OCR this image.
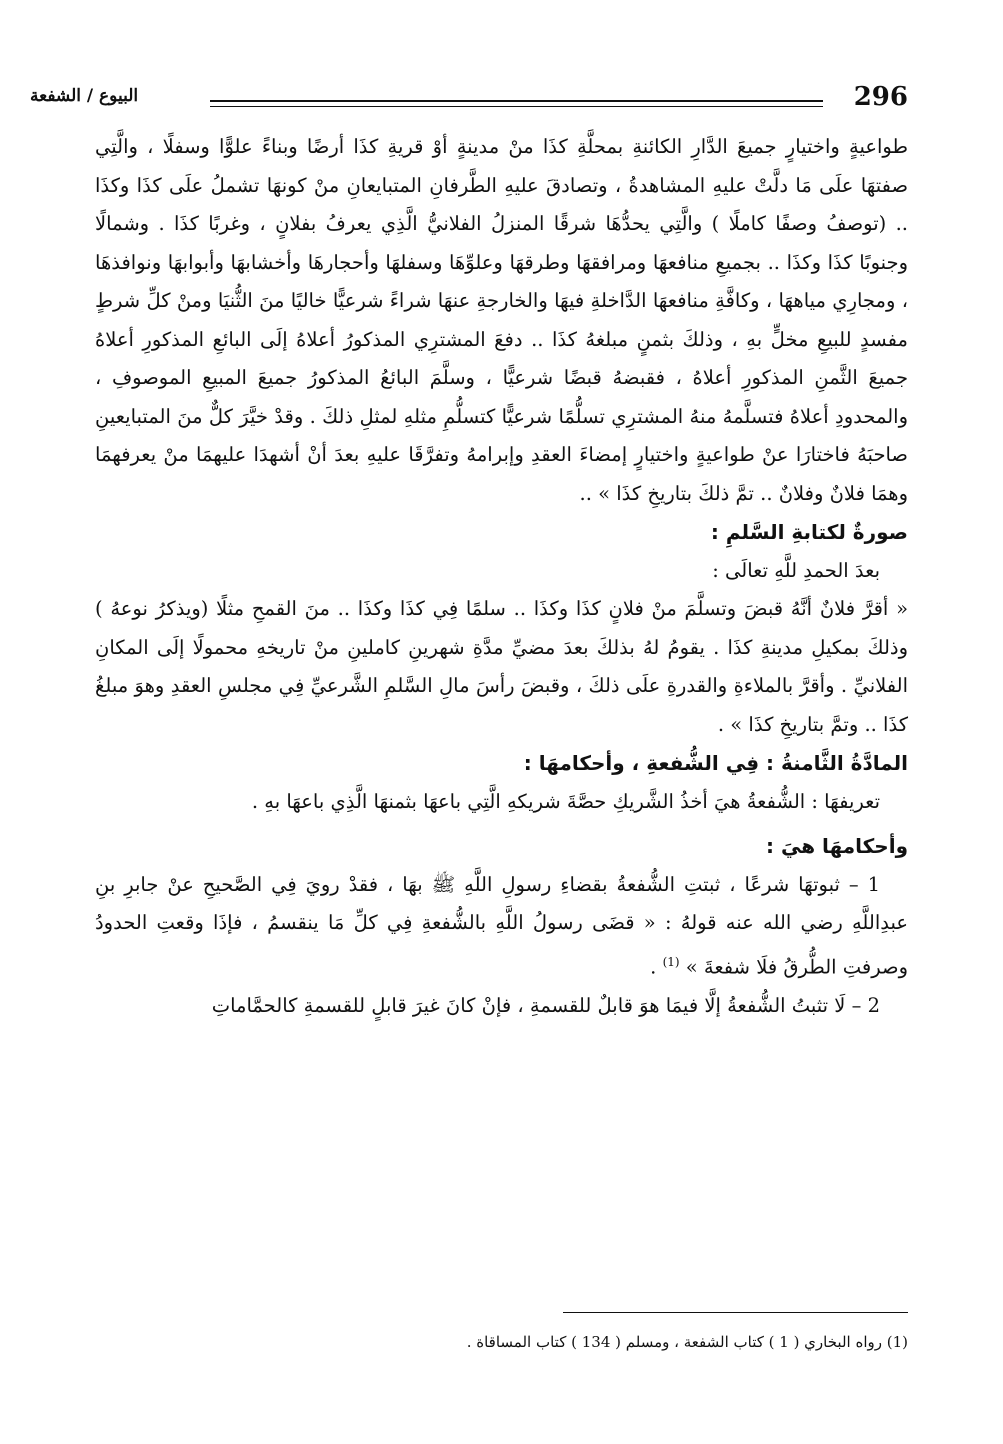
296
البيوع / الشفعة

طواعيةٍ واختيارٍ جميعَ الدَّارِ الكائنةِ بمحلَّةِ كذَا منْ مدينةٍ أوْ قريةِ كذَا أرضًا وبناءً علوًّا وسفلًا ، والَّتِي صفتهَا علَى مَا دلَّتْ عليهِ المشاهدةُ ، وتصادقَ عليهِ الطَّرفانِ المتبايعانِ منْ كونهَا تشملُ علَى كذَا وكذَا .. (توصفُ وصفًا كاملًا ) والَّتِي يحدُّهَا شرقًا المنزلُ الفلانيُّ الَّذِي يعرفُ بفلانٍ ، وغربًا كذَا . وشمالًا وجنوبًا كذَا وكذَا .. بجميعِ منافعهَا ومرافقهَا وطرقهَا وعلوِّهَا وسفلهَا وأحجارهَا وأخشابهَا وأبوابهَا ونوافذهَا ، ومجارِي مياههَا ، وكافَّةِ منافعهَا الدَّاخلةِ فيهَا والخارجةِ عنهَا شراءً شرعيًّا خاليًا منَ الثُّنيَا ومنْ كلِّ شرطٍ مفسدٍ للبيعِ مخلٍّ بهِ ، وذلكَ بثمنٍ مبلغهُ كذَا .. دفعَ المشترِي المذكورُ أعلاهُ إلَى البائعِ المذكورِ أعلاهُ جميعَ الثَّمنِ المذكورِ أعلاهُ ، فقبضهُ قبضًا شرعيًّا ، وسلَّمَ البائعُ المذكورُ جميعَ المبيعِ الموصوفِ ، والمحدودِ أعلاهُ فتسلَّمهُ منهُ المشترِي تسلُّمًا شرعيًّا كتسلُّمِ مثلهِ لمثلِ ذلكَ . وقدْ خيَّرَ كلٌّ منَ المتبايعينِ صاحبَهُ فاختارَا عنْ طواعيةٍ واختيارٍ إمضاءَ العقدِ وإبرامهُ وتفرَّقَا عليهِ بعدَ أنْ أشهدَا عليهمَا منْ يعرفهمَا وهمَا فلانٌ وفلانٌ .. تمَّ ذلكَ بتاريخِ كذَا » ..

صورةٌ لكتابةِ السَّلمِ :

بعدَ الحمدِ للَّهِ تعالَى :

« أقرَّ فلانٌ أنَّهُ قبضَ وتسلَّمَ منْ فلانٍ كذَا وكذَا .. سلمًا فِي كذَا وكذَا .. منَ القمحِ مثلًا (ويذكرُ نوعهُ ) وذلكَ بمكيلِ مدينةِ كذَا . يقومُ لهُ بذلكَ بعدَ مضيِّ مدَّةِ شهرينِ كاملينِ منْ تاريخهِ محمولًا إلَى المكانِ الفلانيِّ . وأقرَّ بالملاءةِ والقدرةِ علَى ذلكَ ، وقبضَ رأسَ مالِ السَّلمِ الشَّرعيِّ فِي مجلسِ العقدِ وهوَ مبلغُ كذَا .. وتمَّ بتاريخِ كذَا » .

المادَّةُ الثَّامنةُ : فِي الشُّفعةِ ، وأحكامهَا :

تعريفهَا : الشُّفعةُ هيَ أخذُ الشَّريكِ حصَّةَ شريكهِ الَّتِي باعهَا بثمنهَا الَّذِي باعهَا بهِ .

وأحكامهَا هيَ :

1 – ثبوتهَا شرعًا ، ثبتتِ الشُّفعةُ بقضاءِ رسولِ اللَّهِ ﷺ بهَا ، فقدْ رويَ فِي الصَّحيحِ عنْ جابرِ بنِ عبدِاللَّهِ رضي الله عنه قولهُ : « قضَى رسولُ اللَّهِ بالشُّفعةِ فِي كلِّ مَا ينقسمُ ، فإذَا وقعتِ الحدودُ وصرفتِ الطُّرقُ فلَا شفعةَ » $^{(1)}$ .

2 – لَا تثبتُ الشُّفعةُ إلَّا فيمَا هوَ قابلٌ للقسمةِ ، فإنْ كانَ غيرَ قابلٍ للقسمةِ كالحمَّاماتِ

(1) رواه البخاري ( 1 ) كتاب الشفعة ، ومسلم ( 134 ) كتاب المساقاة .
